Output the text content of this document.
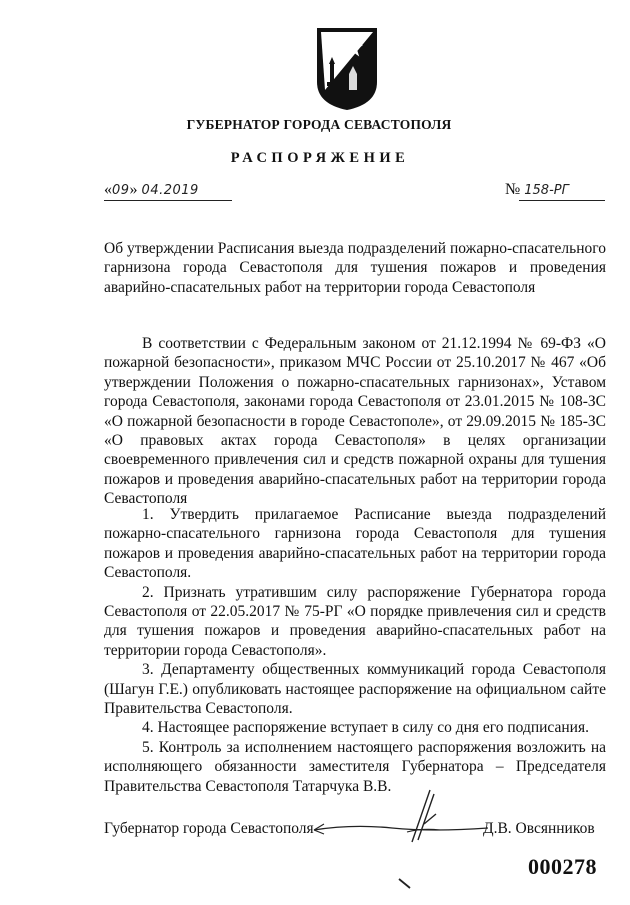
ГУБЕРНАТОР ГОРОДА СЕВАСТОПОЛЯ
РАСПОРЯЖЕНИЕ
«09» 04.2019	№ 158-РГ
Об утверждении Расписания выезда подразделений пожарно-спасательного гарнизона города Севастополя для тушения пожаров и проведения аварийно-спасательных работ на территории города Севастополя
В соответствии с Федеральным законом от 21.12.1994 № 69-ФЗ «О пожарной безопасности», приказом МЧС России от 25.10.2017 № 467 «Об утверждении Положения о пожарно-спасательных гарнизонах», Уставом города Севастополя, законами города Севастополя от 23.01.2015 № 108-ЗС «О пожарной безопасности в городе Севастополе», от 29.09.2015 № 185-ЗС «О правовых актах города Севастополя» в целях организации своевременного привлечения сил и средств пожарной охраны для тушения пожаров и проведения аварийно-спасательных работ на территории города Севастополя

1. Утвердить прилагаемое Расписание выезда подразделений пожарно-спасательного гарнизона города Севастополя для тушения пожаров и проведения аварийно-спасательных работ на территории города Севастополя.

2. Признать утратившим силу распоряжение Губернатора города Севастополя от 22.05.2017 № 75-РГ «О порядке привлечения сил и средств для тушения пожаров и проведения аварийно-спасательных работ на территории города Севастополя».

3. Департаменту общественных коммуникаций города Севастополя (Шагун Г.Е.) опубликовать настоящее распоряжение на официальном сайте Правительства Севастополя.

4. Настоящее распоряжение вступает в силу со дня его подписания.

5. Контроль за исполнением настоящего распоряжения возложить на исполняющего обязанности заместителя Губернатора – Председателя Правительства Севастополя Татарчука В.В.

Губернатор города Севастополя	Д.В. Овсянников
000278
